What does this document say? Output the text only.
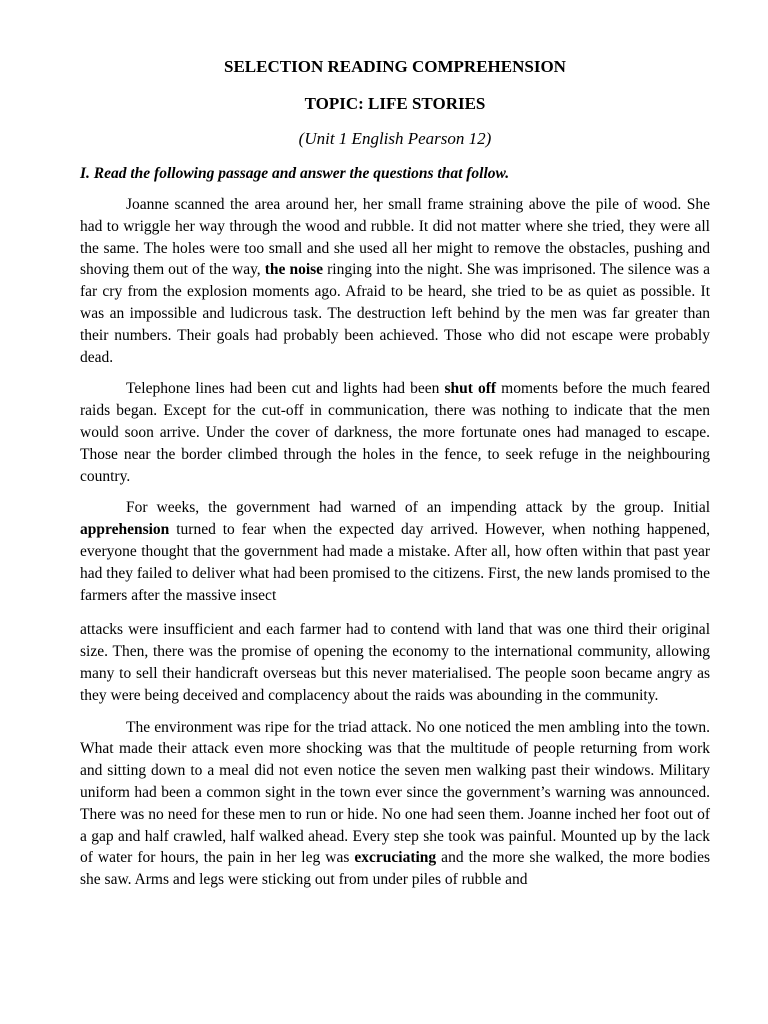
SELECTION READING COMPREHENSION
TOPIC: LIFE STORIES

(Unit 1 English Pearson 12)

I. Read the following passage and answer the questions that follow.

Joanne scanned the area around her, her small frame straining above the pile of wood. She had to wriggle her way through the wood and rubble. It did not matter where she tried, they were all the same. The holes were too small and she used all her might to remove the obstacles, pushing and shoving them out of the way, the noise ringing into the night. She was imprisoned. The silence was a far cry from the explosion moments ago. Afraid to be heard, she tried to be as quiet as possible. It was an impossible and ludicrous task. The destruction left behind by the men was far greater than their numbers. Their goals had probably been achieved. Those who did not escape were probably dead.

Telephone lines had been cut and lights had been shut off moments before the much feared raids began. Except for the cut-off in communication, there was nothing to indicate that the men would soon arrive. Under the cover of darkness, the more fortunate ones had managed to escape. Those near the border climbed through the holes in the fence, to seek refuge in the neighbouring country.

For weeks, the government had warned of an impending attack by the group. Initial apprehension turned to fear when the expected day arrived. However, when nothing happened, everyone thought that the government had made a mistake. After all, how often within that past year had they failed to deliver what had been promised to the citizens. First, the new lands promised to the farmers after the massive insect

attacks were insufficient and each farmer had to contend with land that was one third their original size. Then, there was the promise of opening the economy to the international community, allowing many to sell their handicraft overseas but this never materialised. The people soon became angry as they were being deceived and complacency about the raids was abounding in the community.

The environment was ripe for the triad attack. No one noticed the men ambling into the town. What made their attack even more shocking was that the multitude of people returning from work and sitting down to a meal did not even notice the seven men walking past their windows. Military uniform had been a common sight in the town ever since the government’s warning was announced. There was no need for these men to run or hide. No one had seen them. Joanne inched her foot out of a gap and half crawled, half walked ahead. Every step she took was painful. Mounted up by the lack of water for hours, the pain in her leg was excruciating and the more she walked, the more bodies she saw. Arms and legs were sticking out from under piles of rubble and
